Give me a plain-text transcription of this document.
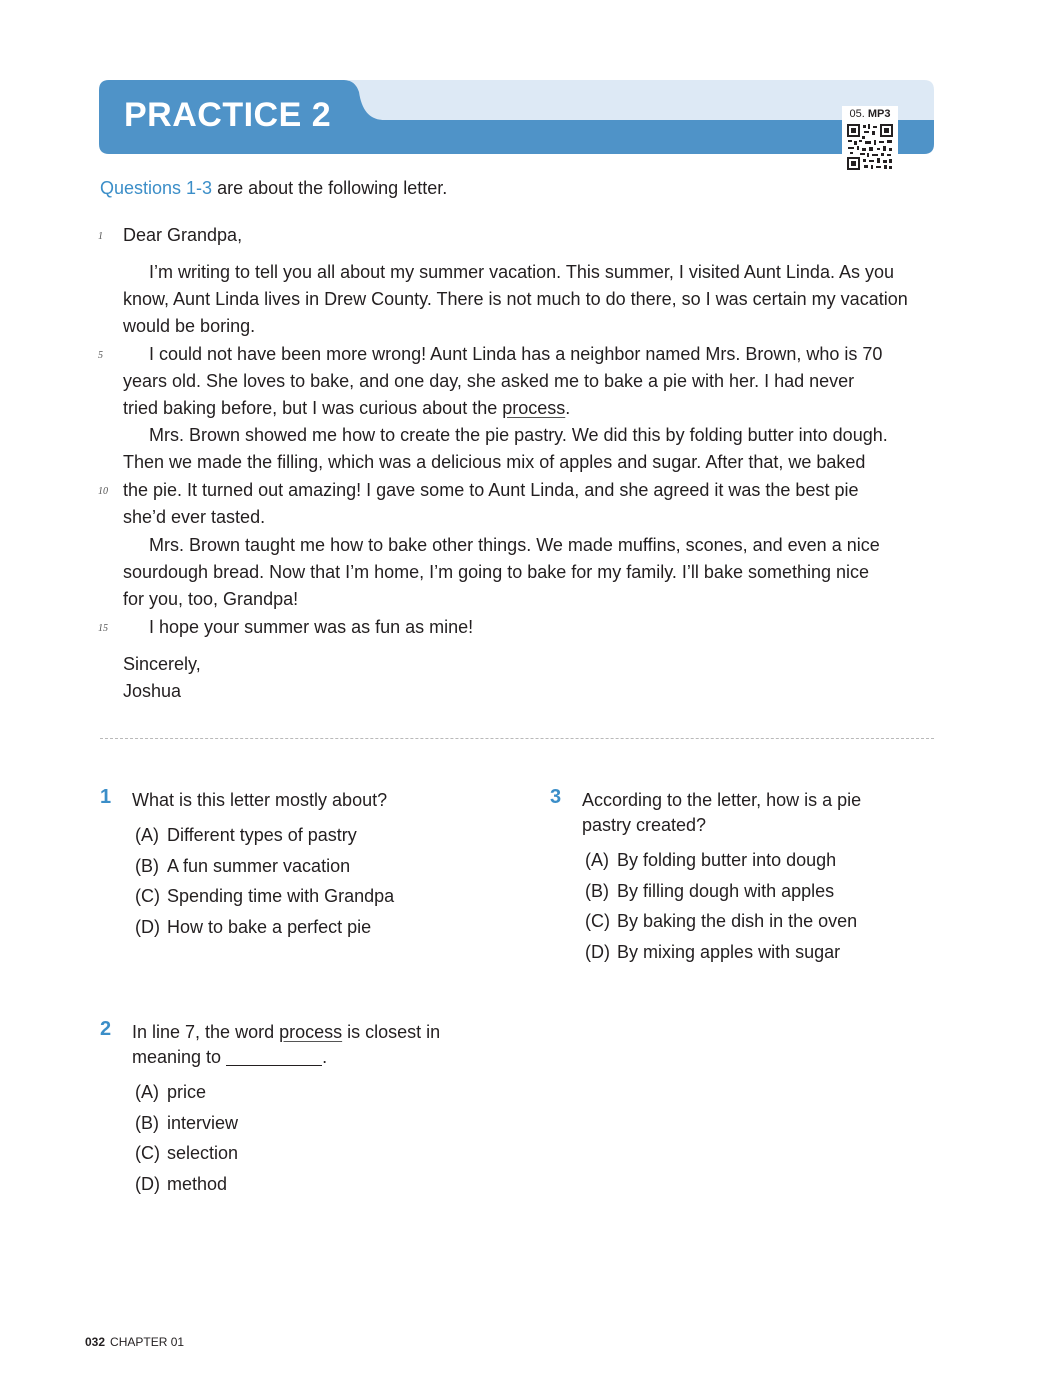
PRACTICE 2	05. MP3

Questions 1-3 are about the following letter.

1 Dear Grandpa,
I’m writing to tell you all about my summer vacation. This summer, I visited Aunt Linda. As you
know, Aunt Linda lives in Drew County. There is not much to do there, so I was certain my vacation
would be boring.
5	I could not have been more wrong! Aunt Linda has a neighbor named Mrs. Brown, who is 70
years old. She loves to bake, and one day, she asked me to bake a pie with her. I had never
tried baking before, but I was curious about the process.
Mrs. Brown showed me how to create the pie pastry. We did this by folding butter into dough.
Then we made the filling, which was a delicious mix of apples and sugar. After that, we baked
10 the pie. It turned out amazing! I gave some to Aunt Linda, and she agreed it was the best pie
she’d ever tasted.
Mrs. Brown taught me how to bake other things. We made muffins, scones, and even a nice
sourdough bread. Now that I’m home, I’m going to bake for my family. I’ll bake something nice
for you, too, Grandpa!
15	I hope your summer was as fun as mine!
Sincerely,
Joshua
1 What is this letter mostly about?

(A) Different types of pastry
(B) A fun summer vacation
(C) Spending time with Grandpa
(D) How to bake a perfect pie
2 In line 7, the word process is closest in
meaning to	.

(A) price
(B) interview
(C) selection
(D) method
3 According to the letter, how is a pie
pastry created?

(A) By folding butter into dough
(B) By filling dough with apples
(C) By baking the dish in the oven
(D) By mixing apples with sugar
032 CHAPTER 01
